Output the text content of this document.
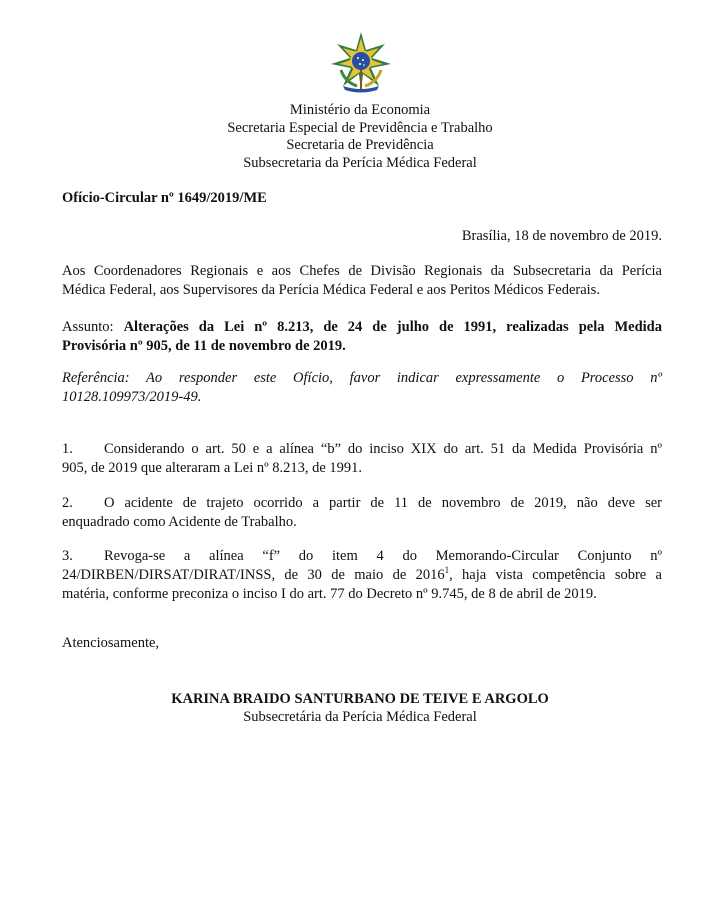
Ministério da Economia
Secretaria Especial de Previdência e Trabalho
Secretaria de Previdência
Subsecretaria da Perícia Médica Federal
Ofício-Circular nº 1649/2019/ME
Brasília, 18 de novembro de 2019.
Aos Coordenadores Regionais e aos Chefes de Divisão Regionais da Subsecretaria da Perícia
Médica Federal, aos Supervisores da Perícia Médica Federal e aos Peritos Médicos Federais.
Assunto: Alterações da Lei nº 8.213, de 24 de julho de 1991, realizadas pela Medida
Provisória nº 905, de 11 de novembro de 2019.
Referência: Ao responder este Ofício, favor indicar expressamente o Processo nº
10128.109973/2019-49.
1. Considerando o art. 50 e a alínea “b” do inciso XIX do art. 51 da Medida Provisória nº
905, de 2019 que alteraram a Lei nº 8.213, de 1991.
2. O acidente de trajeto ocorrido a partir de 11 de novembro de 2019, não deve ser
enquadrado como Acidente de Trabalho.
3. Revoga-se a alínea “f” do item 4 do Memorando-Circular Conjunto nº
24/DIRBEN/DIRSAT/DIRAT/INSS, de 30 de maio de 2016$^1$, haja vista competência sobre a
matéria, conforme preconiza o inciso I do art. 77 do Decreto nº 9.745, de 8 de abril de 2019.
Atenciosamente,
KARINA BRAIDO SANTURBANO DE TEIVE E ARGOLO
Subsecretária da Perícia Médica Federal
